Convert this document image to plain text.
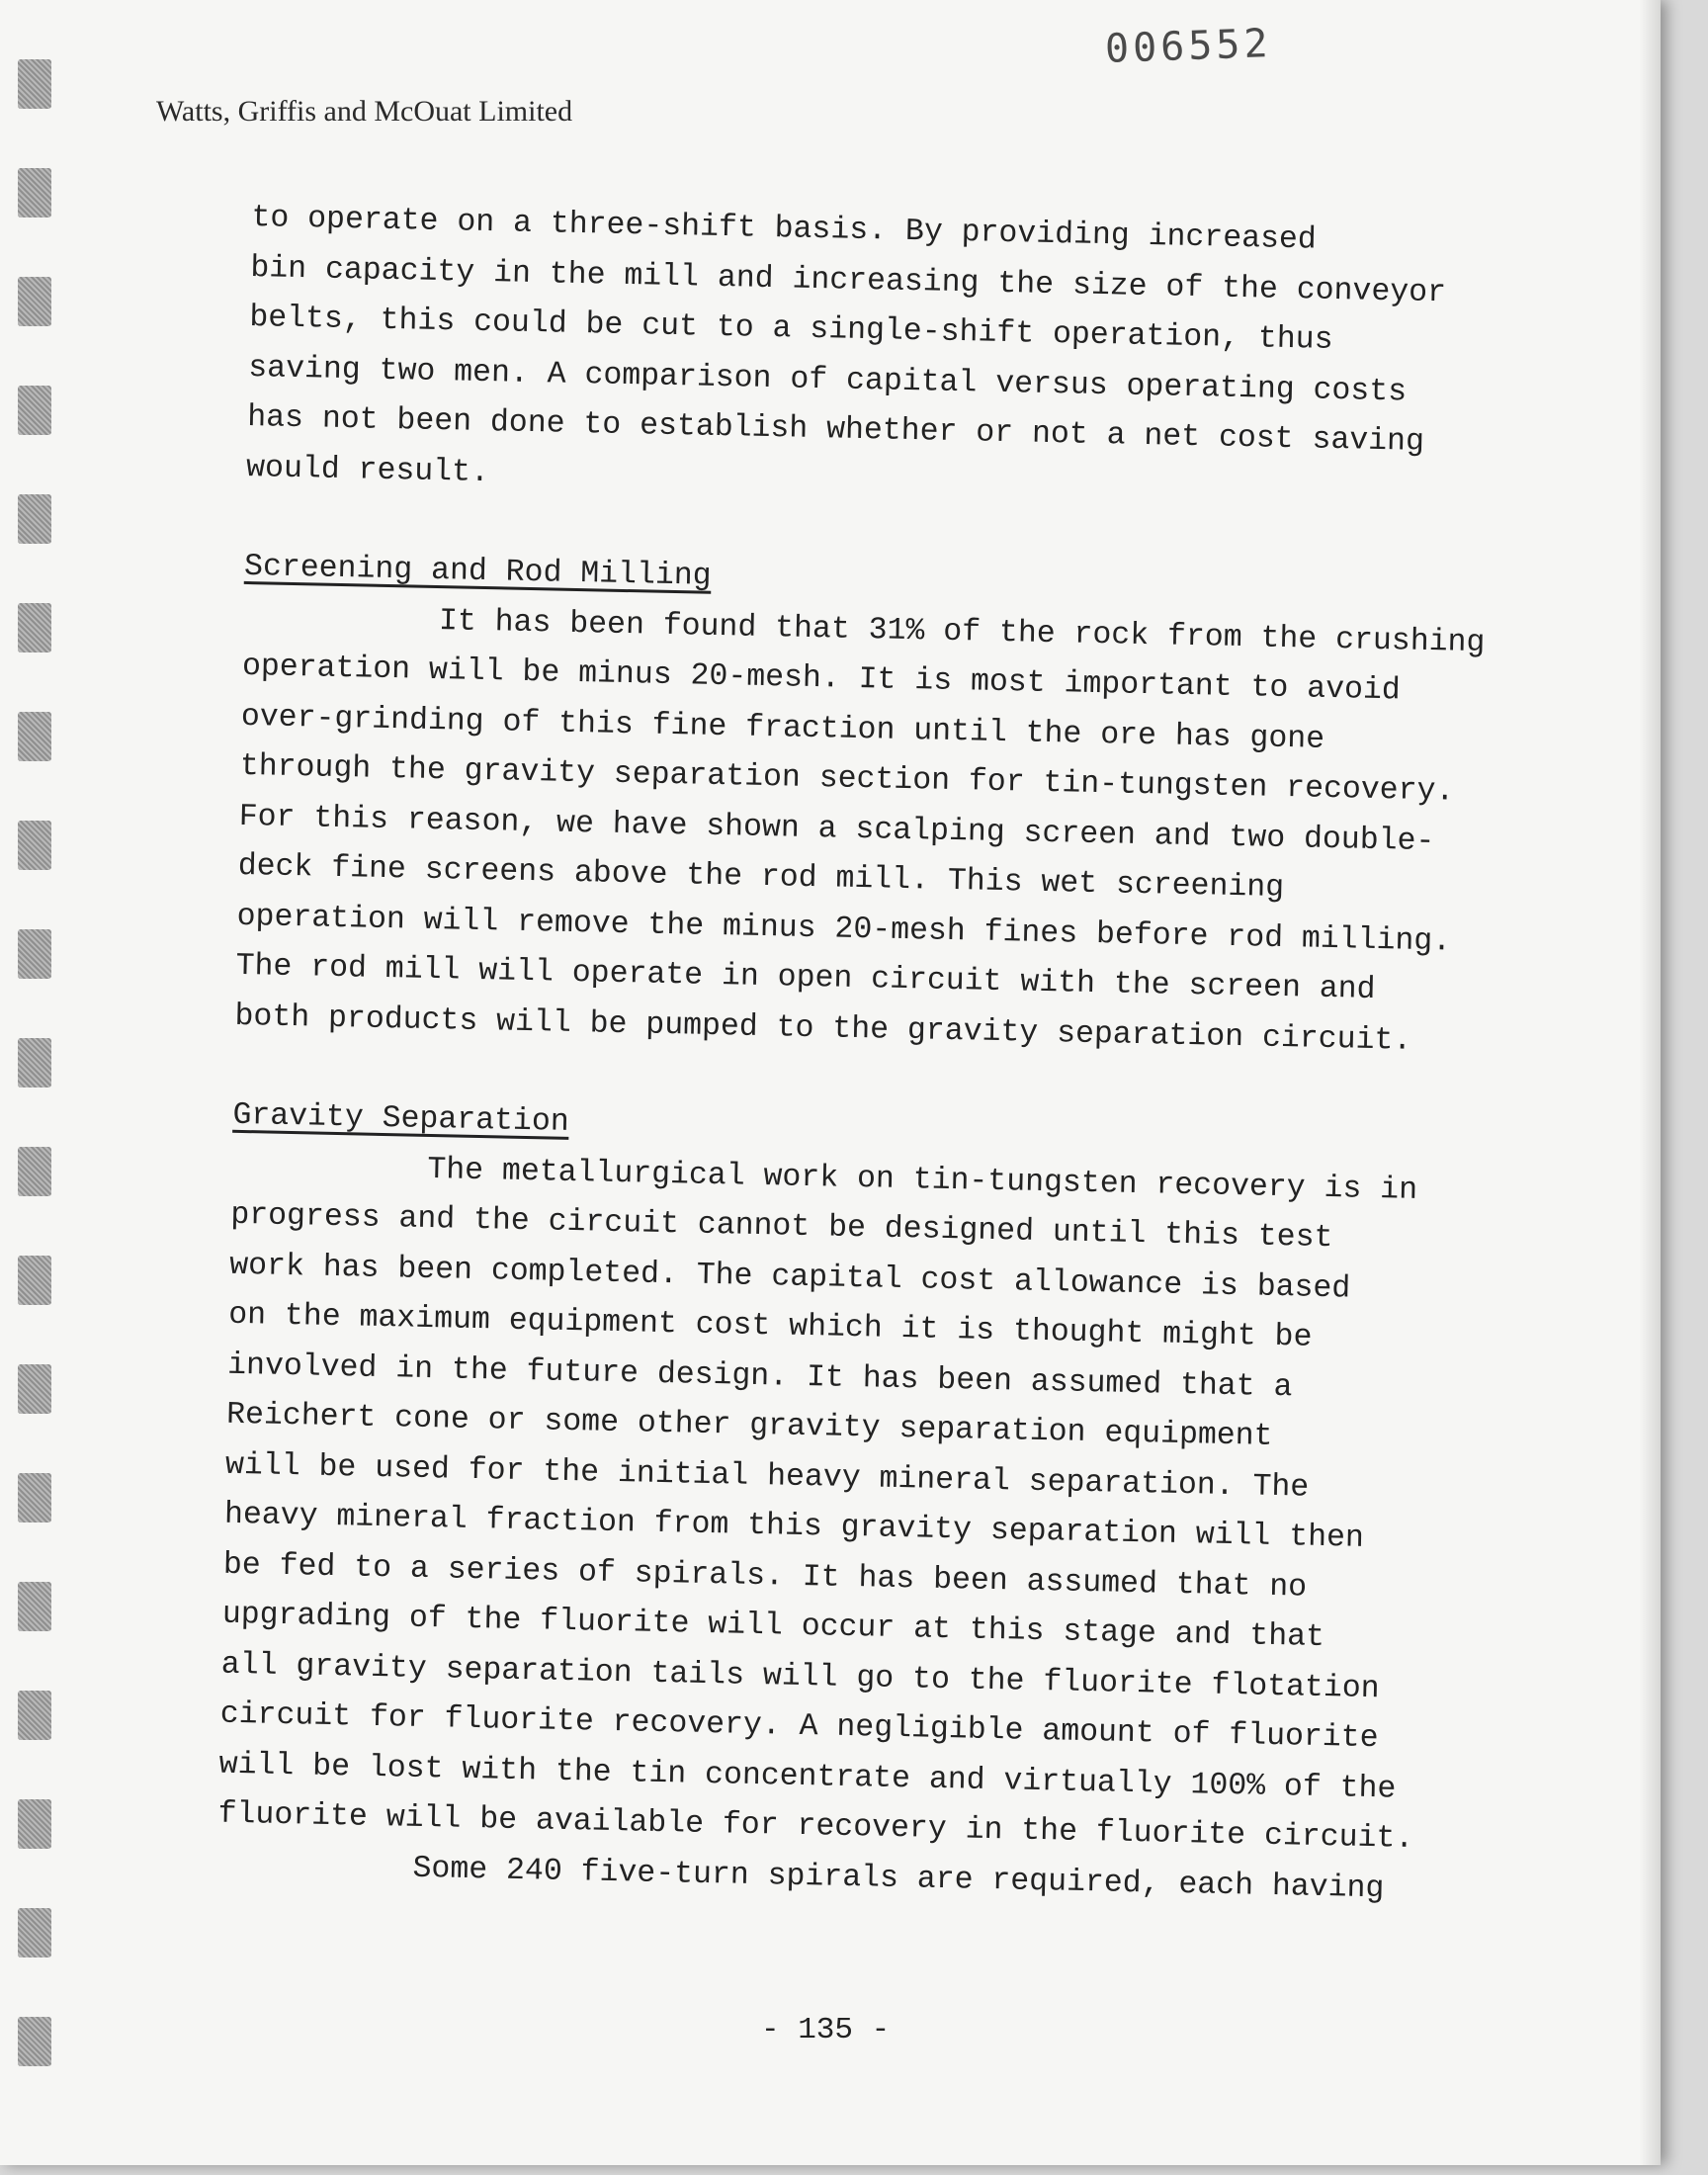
006552
Watts, Griffis and McOuat Limited

to operate on a three-shift basis. By providing increased

bin capacity in the mill and increasing the size of the conveyor

belts, this could be cut to a single-shift operation, thus

saving two men. A comparison of capital versus operating costs

has not been done to establish whether or not a net cost saving

would result.

Screening and Rod Milling

It has been found that 31% of the rock from the crushing

operation will be minus 20-mesh. It is most important to avoid

over-grinding of this fine fraction until the ore has gone

through the gravity separation section for tin-tungsten recovery.

For this reason, we have shown a scalping screen and two double-

deck fine screens above the rod mill. This wet screening

operation will remove the minus 20-mesh fines before rod milling.

The rod mill will operate in open circuit with the screen and

both products will be pumped to the gravity separation circuit.

Gravity Separation

The metallurgical work on tin-tungsten recovery is in

progress and the circuit cannot be designed until this test

work has been completed. The capital cost allowance is based

on the maximum equipment cost which it is thought might be

involved in the future design. It has been assumed that a

Reichert cone or some other gravity separation equipment

will be used for the initial heavy mineral separation. The

heavy mineral fraction from this gravity separation will then

be fed to a series of spirals. It has been assumed that no

upgrading of the fluorite will occur at this stage and that

all gravity separation tails will go to the fluorite flotation

circuit for fluorite recovery. A negligible amount of fluorite

will be lost with the tin concentrate and virtually 100% of the

fluorite will be available for recovery in the fluorite circuit.

Some 240 five-turn spirals are required, each having

- 135 -
